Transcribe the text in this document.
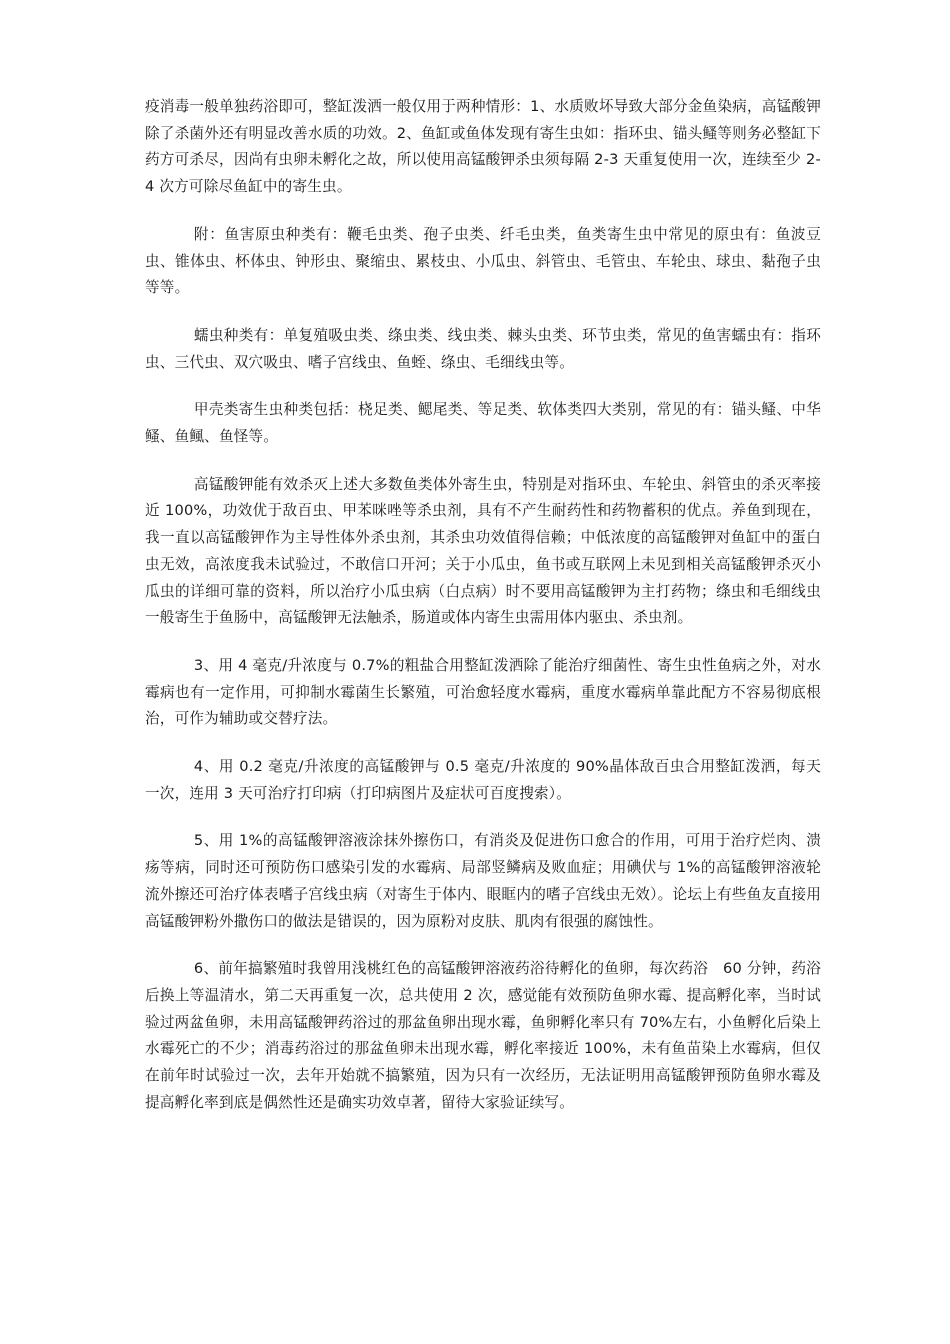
疫消毒一般单独药浴即可，整缸泼洒一般仅用于两种情形：1、水质败坏导致大部分金鱼染病，高锰酸钾除了杀菌外还有明显改善水质的功效。2、鱼缸或鱼体发现有寄生虫如：指环虫、锚头鳋等则务必整缸下药方可杀尽，因尚有虫卵未孵化之故，所以使用高锰酸钾杀虫须每隔 2-3 天重复使用一次，连续至少 2-4 次方可除尽鱼缸中的寄生虫。

附：鱼害原虫种类有：鞭毛虫类、孢子虫类、纤毛虫类，鱼类寄生虫中常见的原虫有：鱼波豆虫、锥体虫、杯体虫、钟形虫、聚缩虫、累枝虫、小瓜虫、斜管虫、毛管虫、车轮虫、球虫、黏孢子虫等等。

蠕虫种类有：单复殖吸虫类、绦虫类、线虫类、棘头虫类、环节虫类，常见的鱼害蠕虫有：指环虫、三代虫、双穴吸虫、嗜子宫线虫、鱼蛭、绦虫、毛细线虫等。

甲壳类寄生虫种类包括：桡足类、鳃尾类、等足类、软体类四大类别，常见的有：锚头鳋、中华鳋、鱼鲺、鱼怪等。

高锰酸钾能有效杀灭上述大多数鱼类体外寄生虫，特别是对指环虫、车轮虫、斜管虫的杀灭率接近 100%，功效优于敌百虫、甲苯咪唑等杀虫剂，具有不产生耐药性和药物蓄积的优点。养鱼到现在，我一直以高锰酸钾作为主导性体外杀虫剂，其杀虫功效值得信赖；中低浓度的高锰酸钾对鱼缸中的蛋白虫无效，高浓度我未试验过，不敢信口开河；关于小瓜虫，鱼书或互联网上未见到相关高锰酸钾杀灭小瓜虫的详细可靠的资料，所以治疗小瓜虫病（白点病）时不要用高锰酸钾为主打药物；绦虫和毛细线虫一般寄生于鱼肠中，高锰酸钾无法触杀，肠道或体内寄生虫需用体内驱虫、杀虫剂。

3、用 4 毫克/升浓度与 0.7%的粗盐合用整缸泼洒除了能治疗细菌性、寄生虫性鱼病之外，对水霉病也有一定作用，可抑制水霉菌生长繁殖，可治愈轻度水霉病，重度水霉病单靠此配方不容易彻底根治，可作为辅助或交替疗法。

4、用 0.2 毫克/升浓度的高锰酸钾与 0.5 毫克/升浓度的 90%晶体敌百虫合用整缸泼洒，每天一次，连用 3 天可治疗打印病（打印病图片及症状可百度搜索）。

5、用 1%的高锰酸钾溶液涂抹外擦伤口，有消炎及促进伤口愈合的作用，可用于治疗烂肉、溃疡等病，同时还可预防伤口感染引发的水霉病、局部竖鳞病及败血症；用碘伏与 1%的高锰酸钾溶液轮流外擦还可治疗体表嗜子宫线虫病（对寄生于体内、眼眶内的嗜子宫线虫无效）。论坛上有些鱼友直接用高锰酸钾粉外撒伤口的做法是错误的，因为原粉对皮肤、肌肉有很强的腐蚀性。

6、前年搞繁殖时我曾用浅桃红色的高锰酸钾溶液药浴待孵化的鱼卵，每次药浴　60 分钟，药浴后换上等温清水，第二天再重复一次，总共使用 2 次，感觉能有效预防鱼卵水霉、提高孵化率，当时试验过两盆鱼卵，未用高锰酸钾药浴过的那盆鱼卵出现水霉，鱼卵孵化率只有 70%左右，小鱼孵化后染上水霉死亡的不少；消毒药浴过的那盆鱼卵未出现水霉，孵化率接近 100%，未有鱼苗染上水霉病，但仅在前年时试验过一次，去年开始就不搞繁殖，因为只有一次经历，无法证明用高锰酸钾预防鱼卵水霉及提高孵化率到底是偶然性还是确实功效卓著，留待大家验证续写。
